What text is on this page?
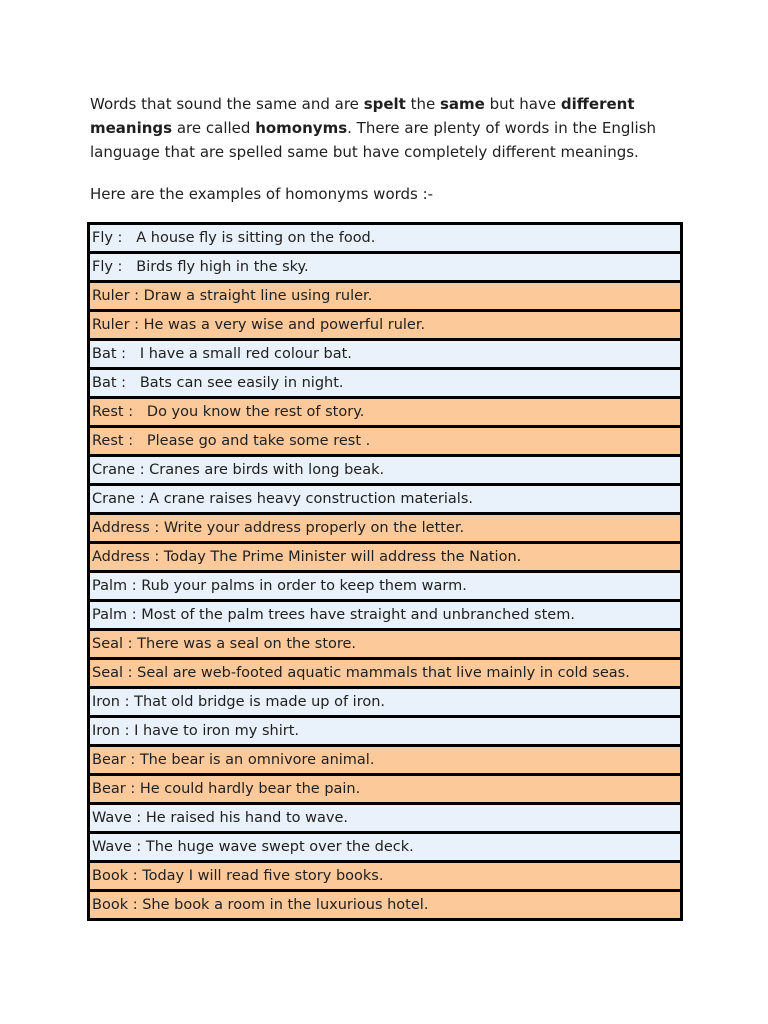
Words that sound the same and are spelt the same but have different meanings are called homonyms. There are plenty of words in the English language that are spelled same but have completely different meanings.

Here are the examples of homonyms words :-

Fly :   A house fly is sitting on the food.
Fly :   Birds fly high in the sky.
Ruler : Draw a straight line using ruler.
Ruler : He was a very wise and powerful ruler.
Bat :   I have a small red colour bat.
Bat :   Bats can see easily in night.
Rest :   Do you know the rest of story.
Rest :   Please go and take some rest .
Crane : Cranes are birds with long beak.
Crane : A crane raises heavy construction materials.
Address : Write your address properly on the letter.
Address : Today The Prime Minister will address the Nation.
Palm : Rub your palms in order to keep them warm.
Palm : Most of the palm trees have straight and unbranched stem.
Seal : There was a seal on the store.
Seal : Seal are web-footed aquatic mammals that live mainly in cold seas.
Iron : That old bridge is made up of iron.
Iron : I have to iron my shirt.
Bear : The bear is an omnivore animal.
Bear : He could hardly bear the pain.
Wave : He raised his hand to wave.
Wave : The huge wave swept over the deck.
Book : Today I will read five story books.
Book : She book a room in the luxurious hotel.
